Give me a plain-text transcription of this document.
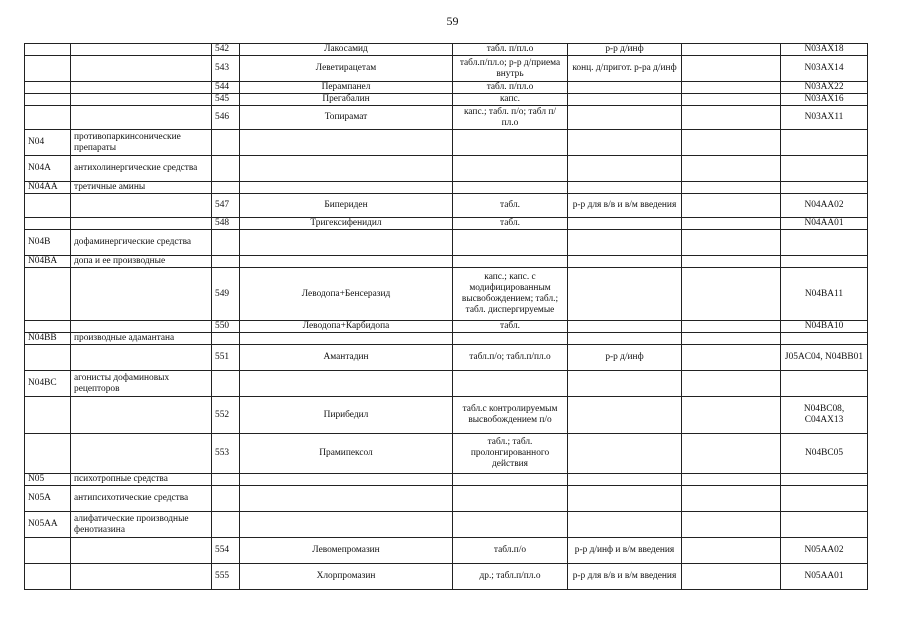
59
		542	Лакосамид	табл. п/пл.о	р-р д/инф		N03AX18
		543	Леветирацетам	табл.п/пл.о; р-р д/приема внутрь	конц. д/пригот. р-ра д/инф		N03AX14
		544	Перампанел	табл. п/пл.о			N03AX22
		545	Прегабалин	капс.			N03AX16
		546	Топирамат	капс.; табл. п/о; табл п/пл.о			N03AX11
N04	противопаркинсонические препараты						
N04A	антихолинергические средства						
N04AA	третичные амины						
		547	Бипериден	табл.	р-р для в/в и в/м введения		N04AA02
		548	Тригексифенидил	табл.			N04AA01
N04B	дофаминергические средства						
N04BA	допа и ее производные						
		549	Леводопа+Бенсеразид	капс.; капс. с модифицированным высвобождением; табл.; табл. диспергируемые			N04BA11
		550	Леводопа+Карбидопа	табл.			N04BA10
N04BB	производные адамантана						
		551	Амантадин	табл.п/о; табл.п/пл.о	р-р д/инф		J05AC04, N04BB01
N04BC	агонисты дофаминовых рецепторов						
		552	Пирибедил	табл.с контролируемым высвобождением п/о			N04BC08, C04AX13
		553	Прамипексол	табл.; табл. пролонгированного действия			N04BC05
N05	психотропные средства						
N05A	антипсихотические средства						
N05AA	алифатические производные фенотиазина						
		554	Левомепромазин	табл.п/о	р-р д/инф и в/м введения		N05AA02
		555	Хлорпромазин	др.; табл.п/пл.о	р-р для в/в и в/м введения		N05AA01
